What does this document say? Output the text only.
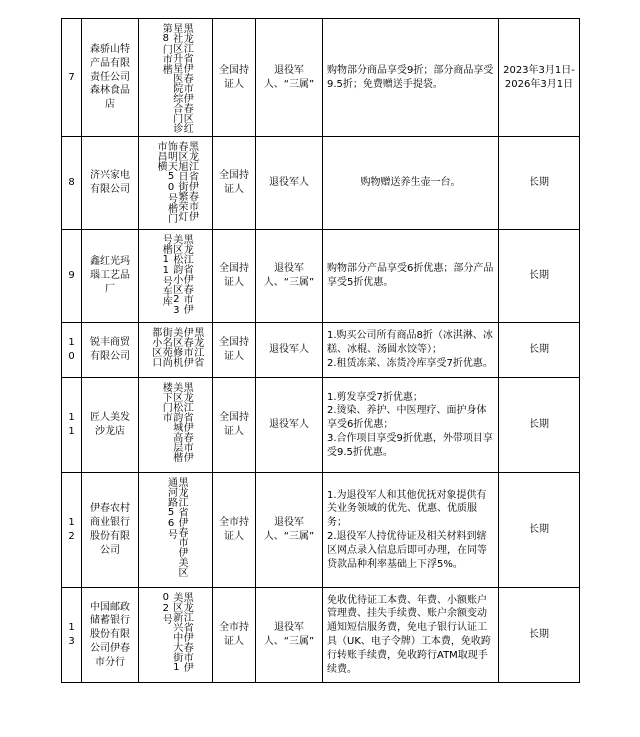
7	森骄山特产品有限责任公司森林食品店	黑龙江省伊春市伊春区红星社区升星医院综合门诊第8门市楷	全国持证人	退役军人、“三属”	购物部分商品享受9折；部分商品享受9.5折；免费赠送手提袋。	2023年3月1日-2026年3月1日
8	济兴家电有限公司	黑龙江省伊春市伊春区旭日街繁荣灯饰明天50号楷门市昌横	全国持证人	退役军人	购物赠送养生壶一台。	长期
9	鑫红光玛瑙工艺品厂	黑龙江省伊春市伊美区松韵小区23号楷11号车库	全国持证人	退役军人、“三属”	购物部分产品享受6折优惠；部分产品享受5折优惠。	长期
10	锐丰商贸有限公司	黑龙江省伊春市伊美区修机街名苑尚都小区口	全国持证人	退役军人	1.购买公司所有商品8折（冰淇淋、冰糕、冰棍、汤圆水饺等）；
2.租赁冻菜、冻货冷库享受7折优惠。	长期
11	匠人美发沙龙店	黑龙江省伊春市伊美区松韵城高层楷楼下门市	全国持证人	退役军人	1.剪发享受7折优惠；
2.烫染、养护、中医理疗、面护身体享受6折优惠；
3.合作项目享受9折优惠，外带项目享受9.5折优惠。	长期
12	伊春农村商业银行股份有限公司	黑龙江省伊春市伊美区通河路56号	全市持证人	退役军人、“三属”	1.为退役军人和其他优抚对象提供有关业务领域的优先、优惠、优质服务；
2.退役军人持优待证及相关材料到辖区网点录入信息后即可办理，在同等贷款品种利率基础上下浮5%。	长期
13	中国邮政储蓄银行股份有限公司伊春市分行	黑龙江省伊春市伊美区新兴中大街102号	全市持证人	退役军人、“三属”	免收优待证工本费、年费、小额账户管理费、挂失手续费、账户余额变动通知短信服务费，免电子银行认证工具（UK、电子令牌）工本费，免收跨行转账手续费，免收跨行ATM取现手续费。	长期
